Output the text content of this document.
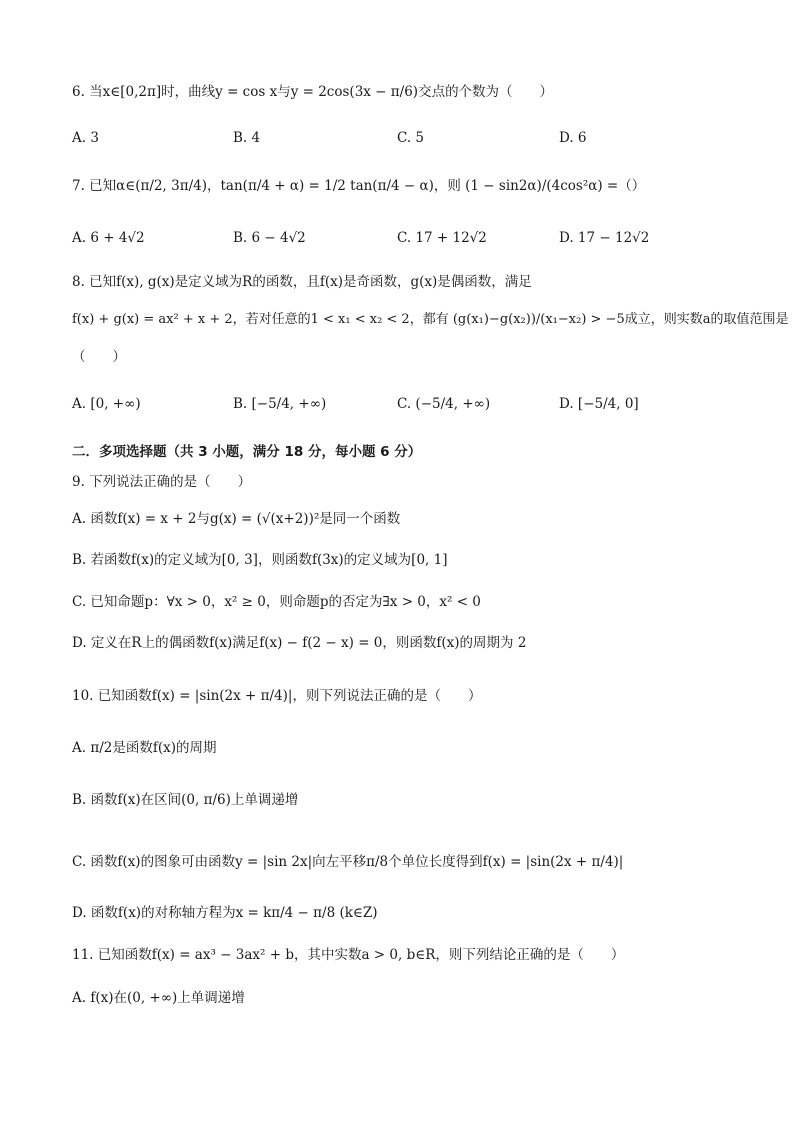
6. 当x∈[0,2π]时，曲线y = cos x与y = 2cos(3x − π/6)交点的个数为（　　）
A. 3	B. 4	C. 5	D. 6
7. 已知α∈(π/2, 3π/4)，tan(π/4 + α) = 1/2 tan(π/4 − α)，则 (1 − sin2α)/(4cos²α) =（）
A. 6 + 4√2	B. 6 − 4√2	C. 17 + 12√2	D. 17 − 12√2
8. 已知f(x), g(x)是定义域为R的函数，且f(x)是奇函数，g(x)是偶函数，满足
f(x) + g(x) = ax² + x + 2，若对任意的1 < x₁ < x₂ < 2，都有 (g(x₁)−g(x₂))/(x₁−x₂) > −5成立，则实数a的取值范围是
（　　）
A. [0, +∞)	B. [−5/4, +∞)	C. (−5/4, +∞)	D. [−5/4, 0]
二．多项选择题（共 3 小题，满分 18 分，每小题 6 分）
9. 下列说法正确的是（　　）
A. 函数f(x) = x + 2与g(x) = (√(x+2))²是同一个函数
B. 若函数f(x)的定义域为[0, 3]，则函数f(3x)的定义域为[0, 1]
C. 已知命题p：∀x > 0，x² ≥ 0，则命题p的否定为∃x > 0，x² < 0
D. 定义在R上的偶函数f(x)满足f(x) − f(2 − x) = 0，则函数f(x)的周期为 2
10. 已知函数f(x) = |sin(2x + π/4)|，则下列说法正确的是（　　）
A. π/2是函数f(x)的周期
B. 函数f(x)在区间(0, π/6)上单调递增
C. 函数f(x)的图象可由函数y = |sin 2x|向左平移π/8个单位长度得到f(x) = |sin(2x + π/4)|
D. 函数f(x)的对称轴方程为x = kπ/4 − π/8 (k∈Z)
11. 已知函数f(x) = ax³ − 3ax² + b，其中实数a > 0, b∈R，则下列结论正确的是（　　）
A. f(x)在(0, +∞)上单调递增
